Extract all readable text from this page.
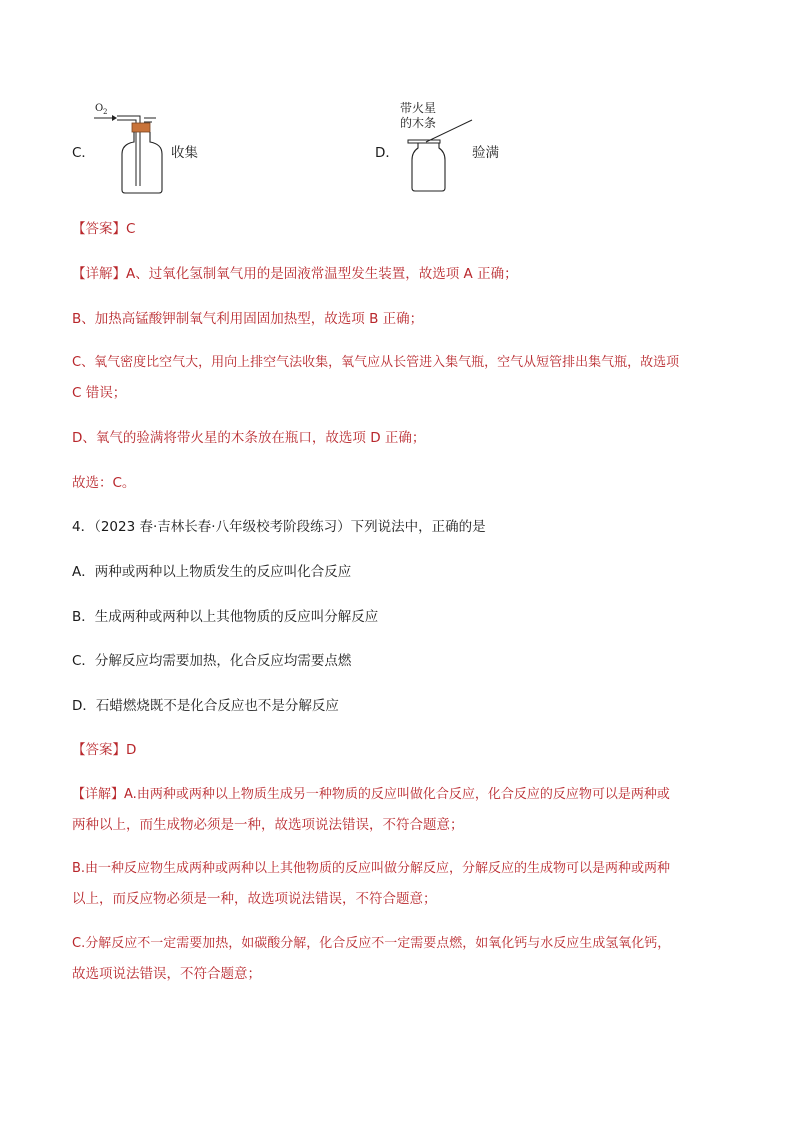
C．
O 2
收集	D．
带火星
的木条
验满
【答案】C
【详解】A、过氧化氢制氧气用的是固液常温型发生装置，故选项 A 正确；
B、加热高锰酸钾制氧气利用固固加热型，故选项 B 正确；
C、氧气密度比空气大，用向上排空气法收集，氧气应从长管进入集气瓶，空气从短管排出集气瓶，故选项
C 错误；
D、氧气的验满将带火星的木条放在瓶口，故选项 D 正确；
故选：C。
4．（2023 春·吉林长春·八年级校考阶段练习）下列说法中，正确的是
A．两种或两种以上物质发生的反应叫化合反应
B．生成两种或两种以上其他物质的反应叫分解反应
C．分解反应均需要加热，化合反应均需要点燃
D．石蜡燃烧既不是化合反应也不是分解反应
【答案】D
【详解】A.由两种或两种以上物质生成另一种物质的反应叫做化合反应，化合反应的反应物可以是两种或
两种以上，而生成物必须是一种，故选项说法错误，不符合题意；
B.由一种反应物生成两种或两种以上其他物质的反应叫做分解反应，分解反应的生成物可以是两种或两种
以上，而反应物必须是一种，故选项说法错误，不符合题意；
C.分解反应不一定需要加热，如碳酸分解，化合反应不一定需要点燃，如氧化钙与水反应生成氢氧化钙，
故选项说法错误，不符合题意；
